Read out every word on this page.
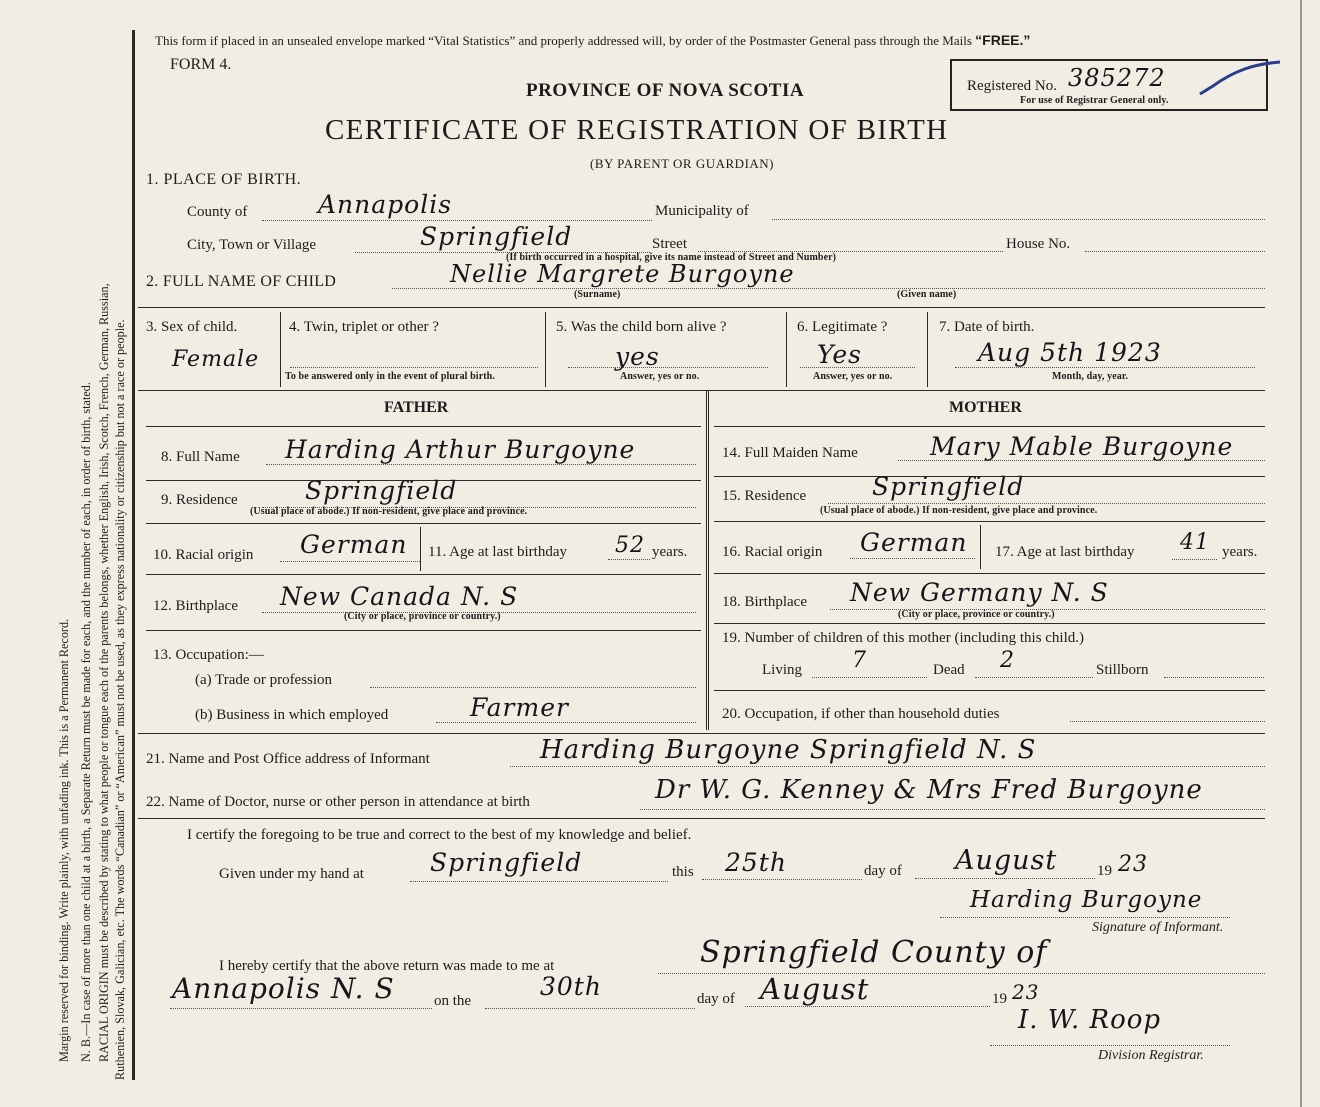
Margin reserved for binding. Write plainly, with unfading ink. This is a Permanent Record. N. B.—In case of more than one child at a birth, a Separate Return must be made for each, and the number of each, in order of birth, stated. RACIAL ORIGIN must be described by stating to what people or tongue each of the parents belongs, whether English, Irish, Scotch, French, German, Russian, Ruthenien, Slovak, Galician, etc. The words “Canadian” or “American” must not be used, as they express nationality or citizenship but not a race or people.
This form if placed in an unsealed envelope marked “Vital Statistics” and properly addressed will, by order of the Postmaster General pass through the Mails “FREE.”
FORM 4.
PROVINCE OF NOVA SCOTIA
CERTIFICATE OF REGISTRATION OF BIRTH
(BY PARENT OR GUARDIAN)
Registered No. 385272
For use of Registrar General only.
1. PLACE OF BIRTH.
County of	Annapolis	Municipality of
City, Town or Village	Springfield	Street	House No.
(If birth occurred in a hospital, give its name instead of Street and Number)
2. FULL NAME OF CHILD	Nellie Margrete Burgoyne
(Surname)	(Given name)
3. Sex of child.
Female
4. Twin, triplet or other ?
To be answered only in the event of plural birth.
5. Was the child born alive ?
yes
Answer, yes or no.
6. Legitimate ?
Yes
Answer, yes or no.
7. Date of birth.
Aug 5th 1923
Month, day, year.
FATHER	MOTHER
8. Full Name Harding Arthur Burgoyne
9. Residence	Springfield
(Usual place of abode.) If non-resident, give place and province.
10. Racial origin German 11. Age at last birthday 52 years.
12. Birthplace New Canada N. S
(City or place, province or country.)
13. Occupation:—
(a) Trade or profession
(b) Business in which employed	Farmer
14. Full Maiden Name	Mary Mable Burgoyne
15. Residence	Springfield
(Usual place of abode.) If non-resident, give place and province.
16. Racial origin German 17. Age at last birthday 41 years.
18. Birthplace New Germany N. S
(City or place, province or country.)
19. Number of children of this mother (including this child.)
Living 7	Dead 2	Stillborn
20. Occupation, if other than household duties
21. Name and Post Office address of Informant	Harding Burgoyne Springfield N. S
22. Name of Doctor, nurse or other person in attendance at birth	Dr W. G. Kenney & Mrs Fred Burgoyne
I certify the foregoing to be true and correct to the best of my knowledge and belief.
Given under my hand at	Springfield	this 25th	day of August	19 23
Harding Burgoyne
Signature of Informant.
I hereby certify that the above return was made to me at	Springfield County of
Annapolis N. S	on the	30th	day of August	19 23
I. W. Roop
Division Registrar.
